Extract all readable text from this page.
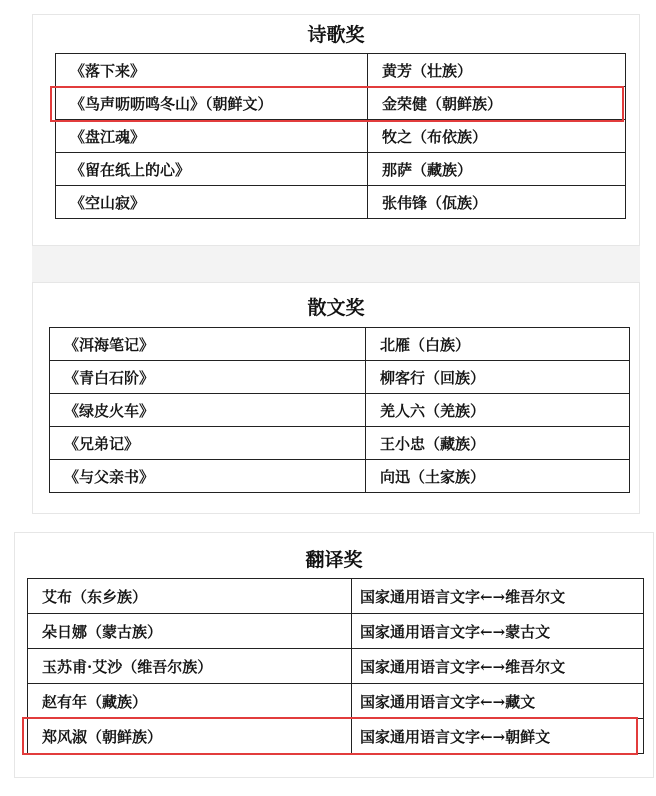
诗歌奖
《落下来》	黄芳（壮族）
《鸟声呖呖鸣冬山》（朝鲜文）	金荣健（朝鲜族）
《盘江魂》	牧之（布依族）
《留在纸上的心》	那萨（藏族）
《空山寂》	张伟锋（佤族）
散文奖
《洱海笔记》	北雁（白族）
《青白石阶》	柳客行（回族）
《绿皮火车》	羌人六（羌族）
《兄弟记》	王小忠（藏族）
《与父亲书》	向迅（土家族）
翻译奖
艾布（东乡族）	国家通用语言文字←→维吾尔文
朵日娜（蒙古族）	国家通用语言文字←→蒙古文
玉苏甫·艾沙（维吾尔族）	国家通用语言文字←→维吾尔文
赵有年（藏族）	国家通用语言文字←→藏文
郑风淑（朝鲜族）	国家通用语言文字←→朝鲜文
